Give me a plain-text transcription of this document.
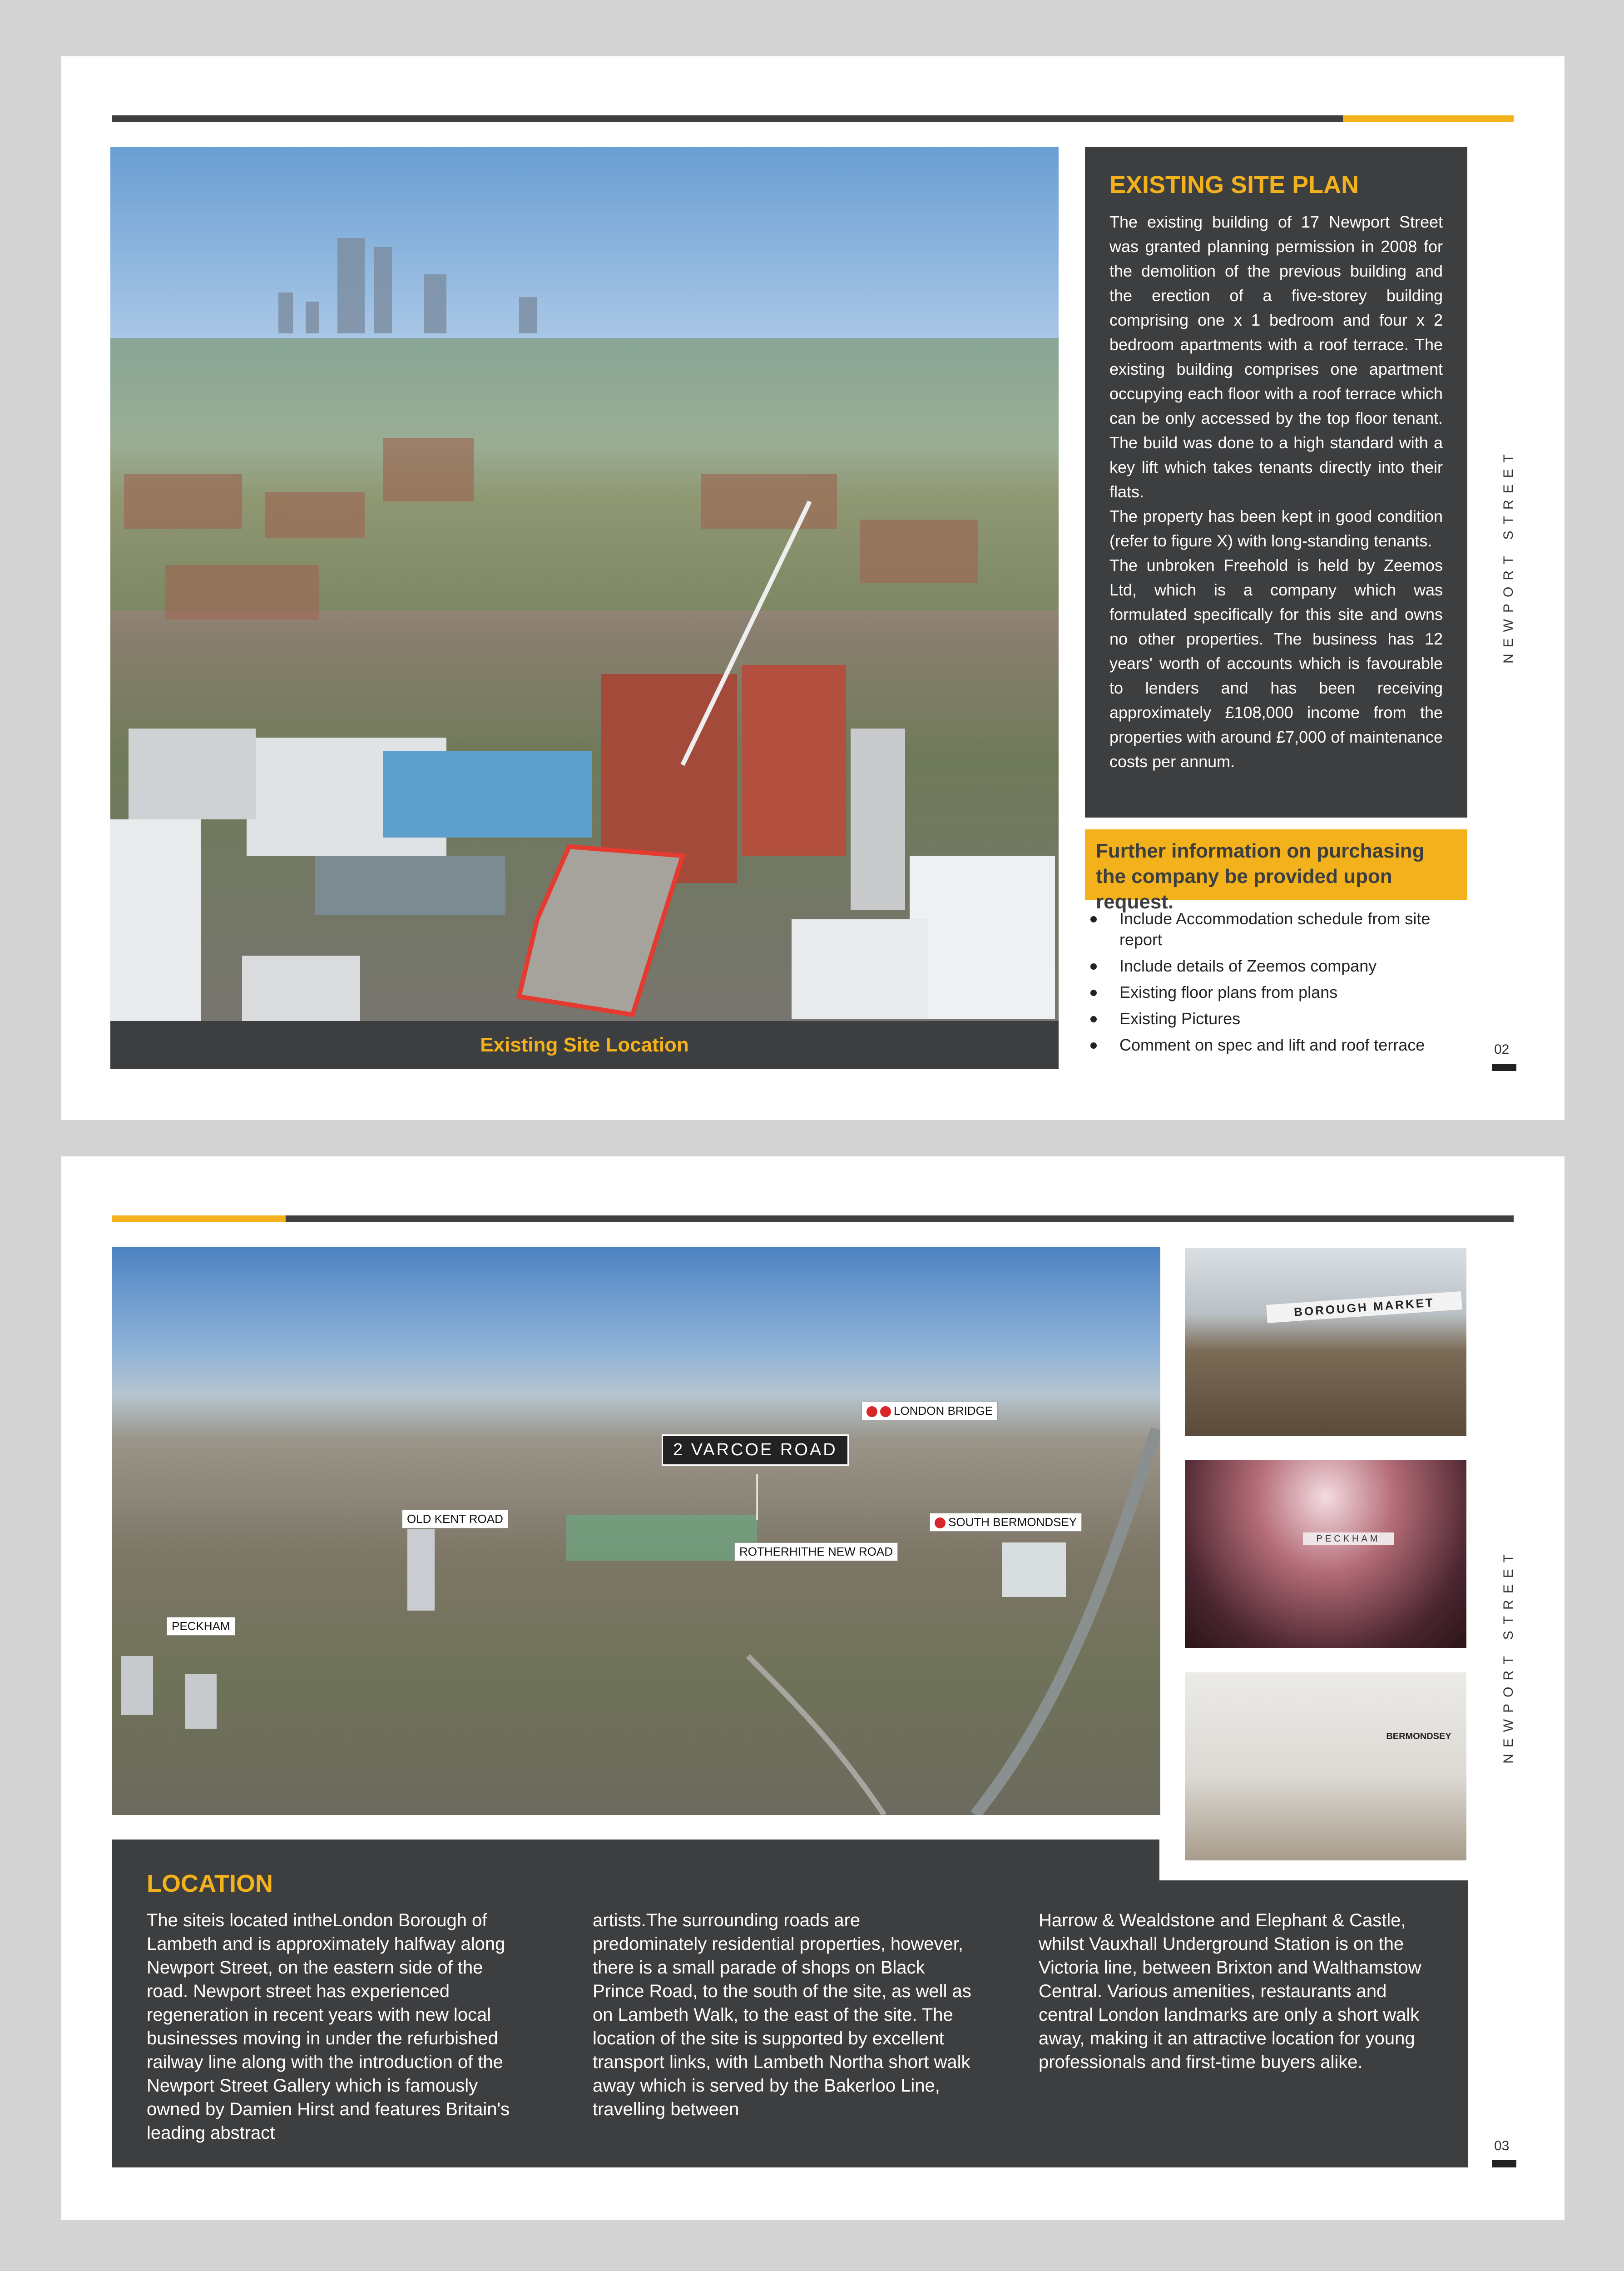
Existing Site Location
EXISTING SITE PLAN
The existing building of 17 Newport Street was granted planning permission in 2008 for the demolition of the previous building and the erection of a five-storey building comprising one x 1 bedroom and four x 2 bedroom apartments with a roof terrace. The existing building comprises one apartment occupying each floor with a roof terrace which can be only accessed by the top floor tenant. The build was done to a high standard with a key lift which takes tenants directly into their flats.
The property has been kept in good condition (refer to figure X) with long-standing tenants.
The unbroken Freehold is held by Zeemos Ltd, which is a company which was formulated specifically for this site and owns no other properties. The business has 12 years' worth of accounts which is favourable to lenders and has been receiving approximately £108,000 income from the properties with around £7,000 of maintenance costs per annum.
Further information on purchasing the company be provided upon request.
Include Accommodation schedule from site report
Include details of Zeemos company
Existing floor plans from plans
Existing Pictures
Comment on spec and lift and roof terrace
NEWPORT STREET
02
2 VARCOE ROAD
LONDON BRIDGE
OLD KENT ROAD	SOUTH BERMONDSEY
ROTHERHITHE NEW ROAD
PECKHAM
BOROUGH MARKET
PECKHAM
BERMONDSEY
LOCATION
The siteis located intheLondon Borough of Lambeth and is approximately halfway along Newport Street, on the eastern side of the road. Newport street has experienced regeneration in recent years with new local businesses moving in under the refurbished railway line along with the introduction of the Newport Street Gallery which is famously owned by Damien Hirst and features Britain's leading abstract
artists.The surrounding roads are predominately residential properties, however, there is a small parade of shops on Black Prince Road, to the south of the site, as well as on Lambeth Walk, to the east of the site. The location of the site is supported by excellent transport links, with Lambeth Northa short walk away which is served by the Bakerloo Line, travelling between
Harrow & Wealdstone and Elephant & Castle, whilst Vauxhall Underground Station is on the Victoria line, between Brixton and Walthamstow Central. Various amenities, restaurants and central London landmarks are only a short walk away, making it an attractive location for young professionals and first-time buyers alike.
NEWPORT STREET
03
